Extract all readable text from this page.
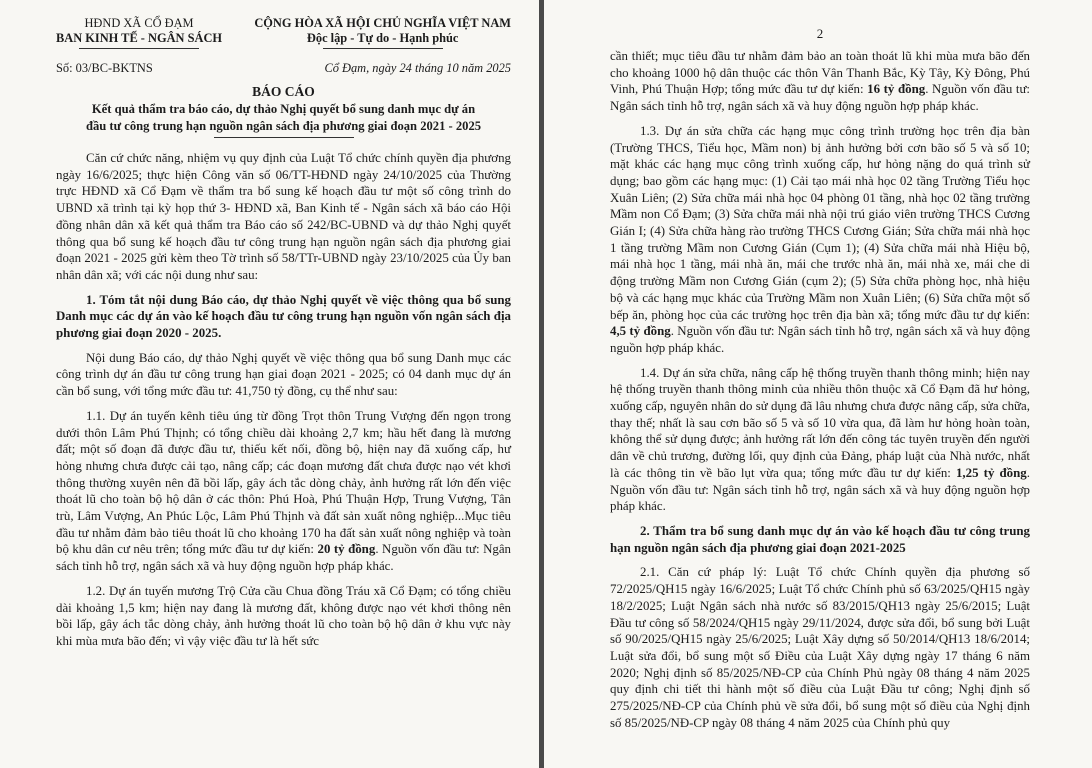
HĐND XÃ CỔ ĐẠM
BAN KINH TẾ - NGÂN SÁCH
CỘNG HÒA XÃ HỘI CHỦ NGHĨA VIỆT NAM
Độc lập - Tự do - Hạnh phúc
Số: 03/BC-BKTNS	Cổ Đạm, ngày 24 tháng 10 năm 2025
BÁO CÁO
Kết quả thẩm tra báo cáo, dự thảo Nghị quyết bổ sung danh mục dự án
đầu tư công trung hạn nguồn ngân sách địa phương giai đoạn 2021 - 2025

Căn cứ chức năng, nhiệm vụ quy định của Luật Tổ chức chính quyền địa phương ngày 16/6/2025; thực hiện Công văn số 06/TT-HĐND ngày 24/10/2025 của Thường trực HĐND xã Cổ Đạm về thẩm tra bổ sung kế hoạch đầu tư một số công trình do UBND xã trình tại kỳ họp thứ 3- HĐND xã, Ban Kinh tế - Ngân sách xã báo cáo Hội đồng nhân dân xã kết quả thẩm tra Báo cáo số 242/BC-UBND và dự thảo Nghị quyết thông qua bổ sung kế hoạch đầu tư công trung hạn nguồn ngân sách địa phương giai đoạn 2021 - 2025 gửi kèm theo Tờ trình số 58/TTr-UBND ngày 23/10/2025 của Ủy ban nhân dân xã; với các nội dung như sau:

1. Tóm tắt nội dung Báo cáo, dự thảo Nghị quyết về việc thông qua bổ sung Danh mục các dự án vào kế hoạch đầu tư công trung hạn nguồn vốn ngân sách địa phương giai đoạn 2020 - 2025.

Nội dung Báo cáo, dự thảo Nghị quyết về việc thông qua bổ sung Danh mục các công trình dự án đầu tư công trung hạn giai đoạn 2021 - 2025; có 04 danh mục dự án cần bổ sung, với tổng mức đầu tư: 41,750 tỷ đồng, cụ thể như sau:

1.1. Dự án tuyến kênh tiêu úng từ đồng Trọt thôn Trung Vượng đến ngọn trong dưới thôn Lâm Phú Thịnh; có tổng chiều dài khoảng 2,7 km; hầu hết đang là mương đất; một số đoạn đã được đầu tư, thiếu kết nối, đồng bộ, hiện nay đã xuống cấp, hư hỏng nhưng chưa được cải tạo, nâng cấp; các đoạn mương đất chưa được nạo vét khơi thông thường xuyên nên đã bồi lấp, gây ách tắc dòng chảy, ảnh hưởng rất lớn đến việc thoát lũ cho toàn bộ hộ dân ở các thôn: Phú Hoà, Phú Thuận Hợp, Trung Vượng, Tân trù, Lâm Vượng, An Phúc Lộc, Lâm Phú Thịnh và đất sản xuất nông nghiệp...Mục tiêu đầu tư nhằm đảm bảo tiêu thoát lũ cho khoảng 170 ha đất sản xuất nông nghiệp và toàn bộ khu dân cư nêu trên; tổng mức đầu tư dự kiến: 20 tỷ đồng. Nguồn vốn đầu tư: Ngân sách tỉnh hỗ trợ, ngân sách xã và huy động nguồn hợp pháp khác.

1.2. Dự án tuyến mương Trộ Cửa cầu Chua đồng Tráu xã Cổ Đạm; có tổng chiều dài khoảng 1,5 km; hiện nay đang là mương đất, không được nạo vét khơi thông nên bồi lấp, gây ách tắc dòng chảy, ảnh hưởng thoát lũ cho toàn bộ hộ dân ở khu vực này khi mùa mưa bão đến; vì vậy việc đầu tư là hết sức

2

cần thiết; mục tiêu đầu tư nhằm đảm bảo an toàn thoát lũ khi mùa mưa bão đến cho khoảng 1000 hộ dân thuộc các thôn Vân Thanh Bắc, Kỳ Tây, Kỳ Đông, Phú Vinh, Phú Thuận Hợp; tổng mức đầu tư dự kiến: 16 tỷ đồng. Nguồn vốn đầu tư: Ngân sách tỉnh hỗ trợ, ngân sách xã và huy động nguồn hợp pháp khác.

1.3. Dự án sửa chữa các hạng mục công trình trường học trên địa bàn (Trường THCS, Tiểu học, Mầm non) bị ảnh hưởng bởi cơn bão số 5 và số 10; mặt khác các hạng mục công trình xuống cấp, hư hỏng nặng do quá trình sử dụng; bao gồm các hạng mục: (1) Cải tạo mái nhà học 02 tầng Trường Tiểu học Xuân Liên; (2) Sửa chữa mái nhà học 04 phòng 01 tầng, nhà học 02 tầng trường Mầm non Cổ Đạm; (3) Sửa chữa mái nhà nội trú giáo viên trường THCS Cương Gián I; (4) Sửa chữa hàng rào trường THCS Cương Gián; Sửa chữa mái nhà học 1 tầng trường Mầm non Cương Gián (Cụm 1); (4) Sửa chữa mái nhà Hiệu bộ, mái nhà học 1 tầng, mái nhà ăn, mái che trước nhà ăn, mái nhà xe, mái che di động trường Mầm non Cương Gián (cụm 2); (5) Sửa chữa phòng học, nhà hiệu bộ và các hạng mục khác của Trường Mầm non Xuân Liên; (6) Sửa chữa một số bếp ăn, phòng học của các trường học trên địa bàn xã; tổng mức đầu tư dự kiến: 4,5 tỷ đồng. Nguồn vốn đầu tư: Ngân sách tỉnh hỗ trợ, ngân sách xã và huy động nguồn hợp pháp khác.

1.4. Dự án sửa chữa, nâng cấp hệ thống truyền thanh thông minh; hiện nay hệ thống truyền thanh thông minh của nhiều thôn thuộc xã Cổ Đạm đã hư hỏng, xuống cấp, nguyên nhân do sử dụng đã lâu nhưng chưa được nâng cấp, sửa chữa, thay thế; nhất là sau cơn bão số 5 và số 10 vừa qua, đã làm hư hỏng hoàn toàn, không thể sử dụng được; ảnh hưởng rất lớn đến công tác tuyên truyền đến người dân về chủ trương, đường lối, quy định của Đảng, pháp luật của Nhà nước, nhất là các thông tin về bão lụt vừa qua; tổng mức đầu tư dự kiến: 1,25 tỷ đồng. Nguồn vốn đầu tư: Ngân sách tỉnh hỗ trợ, ngân sách xã và huy động nguồn hợp pháp khác.

2. Thẩm tra bổ sung danh mục dự án vào kế hoạch đầu tư công trung hạn nguồn ngân sách địa phương giai đoạn 2021-2025

2.1. Căn cứ pháp lý: Luật Tổ chức Chính quyền địa phương số 72/2025/QH15 ngày 16/6/2025; Luật Tổ chức Chính phủ số 63/2025/QH15 ngày 18/2/2025; Luật Ngân sách nhà nước số 83/2015/QH13 ngày 25/6/2015; Luật Đầu tư công số 58/2024/QH15 ngày 29/11/2024, được sửa đổi, bổ sung bởi Luật số 90/2025/QH15 ngày 25/6/2025; Luật Xây dựng số 50/2014/QH13 18/6/2014; Luật sửa đổi, bổ sung một số Điều của Luật Xây dựng ngày 17 tháng 6 năm 2020; Nghị định số 85/2025/NĐ-CP của Chính Phủ ngày 08 tháng 4 năm 2025 quy định chi tiết thi hành một số điều của Luật Đầu tư công; Nghị định số 275/2025/NĐ-CP của Chính phủ về sửa đổi, bổ sung một số điều của Nghị định số 85/2025/NĐ-CP ngày 08 tháng 4 năm 2025 của Chính phủ quy
